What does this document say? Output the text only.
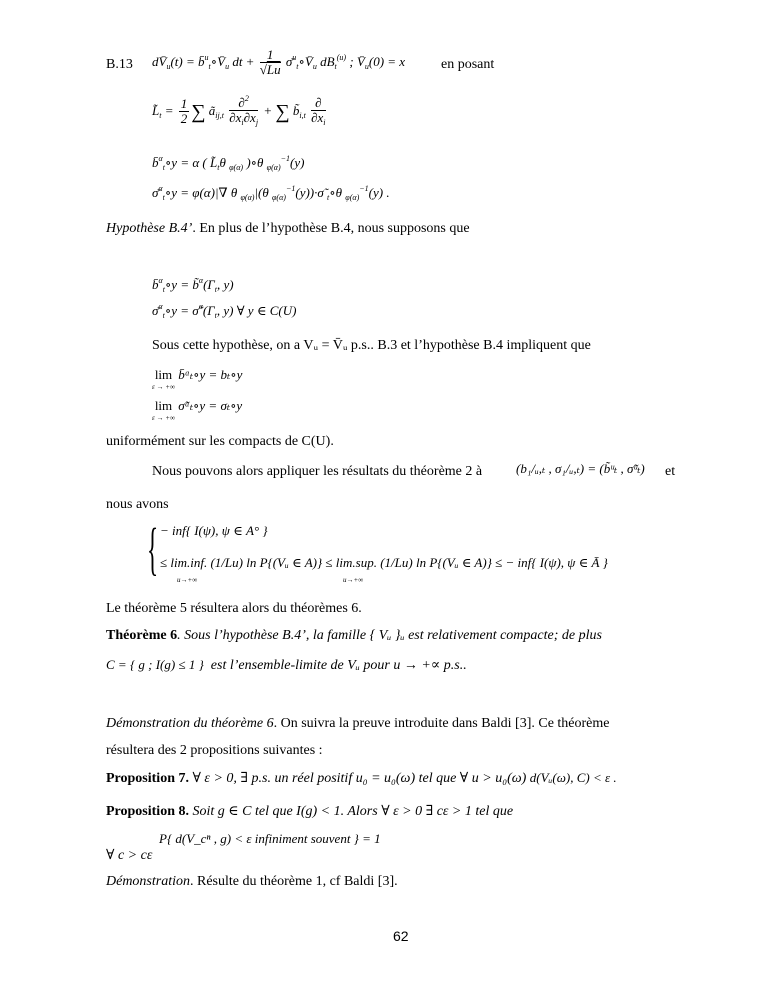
B.13 $dV̄_u(t)$ = $b̄^u_t\circ V̄_u$ dt + $\frac{1}{√Lu}$ $\sigmā^u_t\circ V̄_u$ $dB_t^{(u)}$ ; $V̄_u(0) = x$	en posant
$L̃_t = \frac{1}{2}$ ∑ $ã_{ij,t} \frac{\partial^2}{\partial x_i\partial x_j}$ + ∑ $b̃_{i,t} \frac{\partial}{\partial x_i}$
b̄$^\alpha_t$∘y = α ( $L̃_t\theta$ $_{\varphi(\alpha)}$ )∘θ $_{\varphi(\alpha)}^{-1}$(y)
σ̄$^\alpha_t$∘y = φ(α)|∇ θ $_{\varphi(\alpha)}$|(θ $_{\varphi(\alpha)}^{-1}$(y))·σ̃ $_t$∘θ $_{\varphi(\alpha)}^{-1}$(y) .
Hypothèse B.4’. En plus de l’hypothèse B.4, nous supposons que
b̄$^\alpha_t$∘y = $b̃^\alpha(\Gamma_t$, y)
σ̄$^\alpha_t$∘y = $\sigmã^\alpha(\Gamma_t$, y) ∀ y ∈ C(U)
Sous cette hypothèse, on a Vᵤ = V̄ᵤ p.s.. B.3 et l’hypothèse B.4 impliquent que
lim
ε → +∞
b̄ᵅₜ∘y = bₜ∘y
lim
ε → +∞
σ̃ᵅₜ∘y = σₜ∘y
uniformément sur les compacts de C(U).
Nous pouvons alors appliquer les résultats du théorème 2 à	(b₁/ᵤ,ₜ , σ₁/ᵤ,ₜ) = (b̃ᵘₜ , σ̃ᵘₜ) et
nous avons
{ − inf{ I(ψ), ψ ∈ A° }
≤ lim.inf. (1/Lu) ln P{(Vᵤ ∈ A)} ≤ lim.sup. (1/Lu) ln P{(Vᵤ ∈ A)} ≤ − inf{ I(ψ), ψ ∈ Ā }
u→+∞	u→+∞
Le théorème 5 résultera alors du théorèmes 6.
Théorème 6. Sous l’hypothèse B.4’, la famille { Vᵤ }ᵤ est relativement compacte; de plus
C = { g ; I(g) ≤ 1 } est l’ensemble-limite de Vᵤ pour u → +∝ p.s..
Démonstration du théorème 6. On suivra la preuve introduite dans Baldi [3]. Ce théorème
résultera des 2 propositions suivantes :
Proposition 7. ∀ ε > 0, ∃ p.s. un réel positif u₀ = u₀(ω) tel que ∀ u > u₀(ω) d(Vᵤ(ω), C) < ε .
Proposition 8. Soit g ∈ C tel que I(g) < 1. Alors ∀ ε > 0 ∃ cε > 1 tel que
P{ d(V_cⁿ , g) < ε infiniment souvent } = 1
∀ c > cε
Démonstration. Résulte du théorème 1, cf Baldi [3].
62
